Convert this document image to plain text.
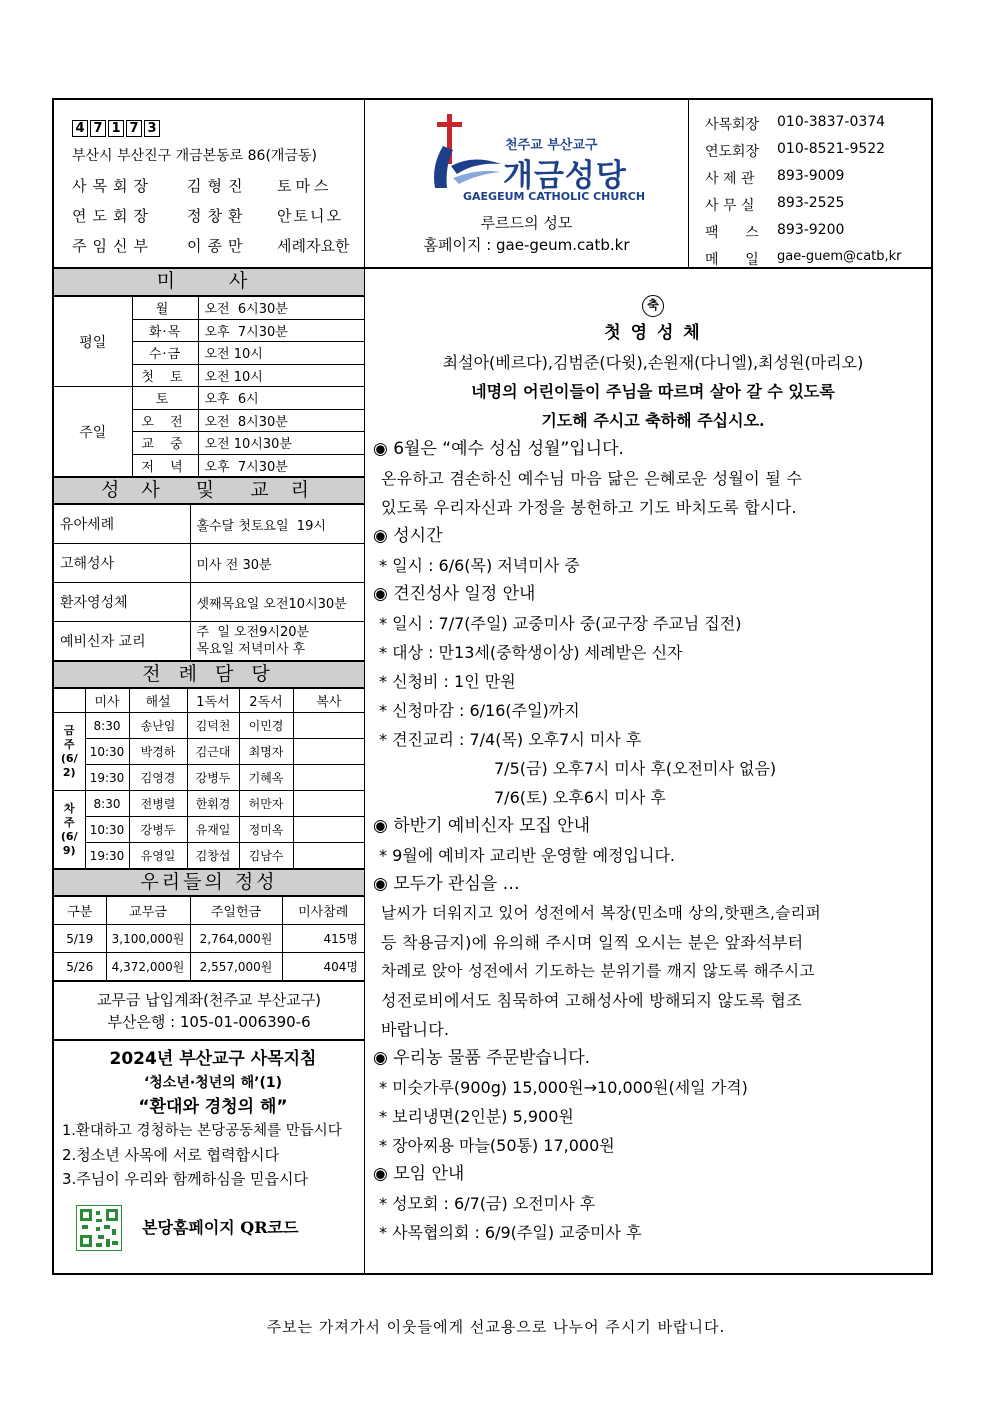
4 7 1 7 3
부산시 부산진구 개금본동로 86(개금동)
사목회장	김형진	토마스
연도회장	정창환	안토니오
주임신부	이종만	세례자요한
천주교 부산교구
개금성당
GAEGEUM CATHOLIC CHURCH
루르드의 성모
홈페이지 : gae-geum.catb.kr
사목회장	010-3837-0374
연도회장	010-8521-9522
사 제 관	893-9009
사 무 실	893-2525
팩      스	893-9200
메      일	gae-guem@catb,kr
미  사
평일	월	오전  6시30분
	화·목	오후  7시30분
	수·금	오전 10시
	첫 토	오전 10시
주일	토	오후  6시
	오 전	오전  8시30분
	교 중	오전 10시30분
	저 녁	오후  7시30분
성 사  및  교 리
유아세례	홀수달 첫토요일  19시
고해성사	미사 전 30분
환자영성체	셋째목요일 오전10시30분
예비신자 교리	주  일 오전9시20분
목요일 저녁미사 후
전 례 담 당
	미사	해설	1독서	2독서	복사
금주(6/2)	8:30	송난임	김덕천	이민경	
	10:30	박경하	김근대	최명자	
	19:30	김영경	강병두	기혜옥	
차주(6/9)	8:30	전병렬	한휘경	허만자	
	10:30	강병두	유재일	정미옥	
	19:30	유영일	김창섭	김남수	
우리들의 정성
구분	교무금	주일헌금	미사참례
5/19	3,100,000원	2,764,000원	415명
5/26	4,372,000원	2,557,000원	404명
교무금 납입계좌(천주교 부산교구)
부산은행 : 105-01-006390-6
2024년 부산교구 사목지침
‘청소년·청년의 해’(1)
“환대와 경청의 해”
1.환대하고 경청하는 본당공동체를 만듭시다
2.청소년 사목에 서로 협력합시다
3.주님이 우리와 함께하심을 믿읍시다
본당홈페이지 QR코드
축
첫 영 성 체
최설아(베르다),김범준(다윗),손원재(다니엘),최성원(마리오)
네명의 어린이들이 주님을 따르며 살아 갈 수 있도록
기도해 주시고 축하해 주십시오.
◉ 6월은 “예수 성심 성월”입니다.
온유하고 겸손하신 예수님 마음 닮은 은혜로운 성월이 될 수
있도록 우리자신과 가정을 봉헌하고 기도 바치도록 합시다.
◉ 성시간
* 일시 : 6/6(목) 저녁미사 중
◉ 견진성사 일정 안내
* 일시 : 7/7(주일) 교중미사 중(교구장 주교님 집전)
* 대상 : 만13세(중학생이상) 세례받은 신자
* 신청비 : 1인 만원
* 신청마감 : 6/16(주일)까지
* 견진교리 : 7/4(목) 오후7시 미사 후
7/5(금) 오후7시 미사 후(오전미사 없음)
7/6(토) 오후6시 미사 후
◉ 하반기 예비신자 모집 안내
* 9월에 예비자 교리반 운영할 예정입니다.
◉ 모두가 관심을 …
날씨가 더워지고 있어 성전에서 복장(민소매 상의,핫팬츠,슬리퍼
등 착용금지)에 유의해 주시며 일찍 오시는 분은 앞좌석부터
차례로 앉아 성전에서 기도하는 분위기를 깨지 않도록 해주시고
성전로비에서도 침묵하여 고해성사에 방해되지 않도록 협조
바랍니다.
◉ 우리농 물품 주문받습니다.
* 미숫가루(900g) 15,000원→10,000원(세일 가격)
* 보리냉면(2인분) 5,900원
* 장아찌용 마늘(50통) 17,000원
◉ 모임 안내
* 성모회 : 6/7(금) 오전미사 후
* 사목협의회 : 6/9(주일) 교중미사 후
주보는 가져가서 이웃들에게 선교용으로 나누어 주시기 바랍니다.
